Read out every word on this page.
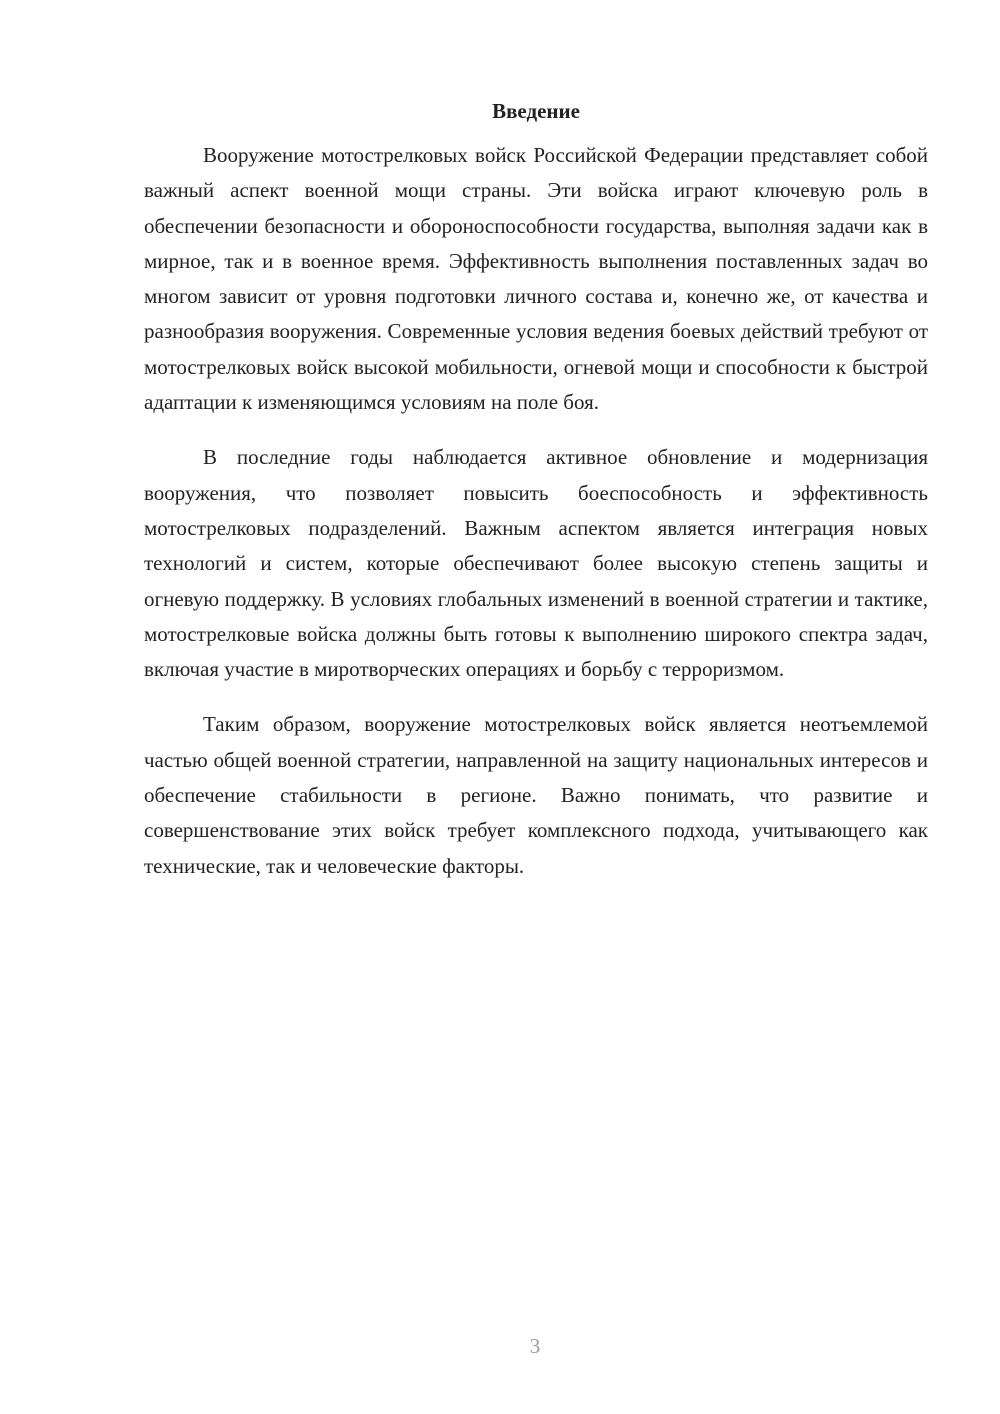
Введение

Вооружение мотострелковых войск Российской Федерации представляет собой важный аспект военной мощи страны. Эти войска играют ключевую роль в обеспечении безопасности и обороноспособности государства, выполняя задачи как в мирное, так и в военное время. Эффективность выполнения поставленных задач во многом зависит от уровня подготовки личного состава и, конечно же, от качества и разнообразия вооружения. Современные условия ведения боевых действий требуют от мотострелковых войск высокой мобильности, огневой мощи и способности к быстрой адаптации к изменяющимся условиям на поле боя.

В последние годы наблюдается активное обновление и модернизация вооружения, что позволяет повысить боеспособность и эффективность мотострелковых подразделений. Важным аспектом является интеграция новых технологий и систем, которые обеспечивают более высокую степень защиты и огневую поддержку. В условиях глобальных изменений в военной стратегии и тактике, мотострелковые войска должны быть готовы к выполнению широкого спектра задач, включая участие в миротворческих операциях и борьбу с терроризмом.

Таким образом, вооружение мотострелковых войск является неотъемлемой частью общей военной стратегии, направленной на защиту национальных интересов и обеспечение стабильности в регионе. Важно понимать, что развитие и совершенствование этих войск требует комплексного подхода, учитывающего как технические, так и человеческие факторы.

3
